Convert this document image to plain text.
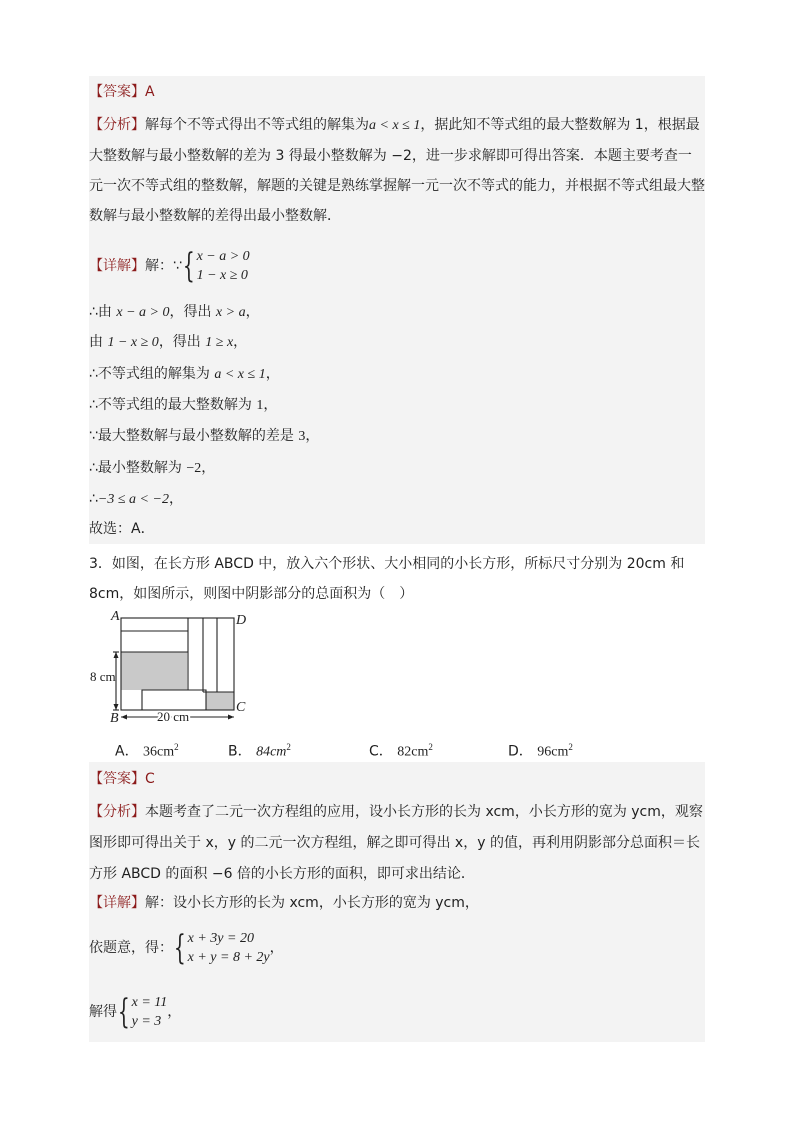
【答案】A
【分析】解每个不等式得出不等式组的解集为a < x ≤ 1，据此知不等式组的最大整数解为 1，根据最大整数解与最小整数解的差为 3 得最小整数解为 −2，进一步求解即可得出答案．本题主要考查一元一次不等式组的整数解，解题的关键是熟练掌握解一元一次不等式的能力，并根据不等式组最大整数解与最小整数解的差得出最小整数解．
【详解】解：∵ { x − a > 0
1 − x ≥ 0
∴由 x − a > 0，得出 x > a，
由 1 − x ≥ 0，得出 1 ≥ x，
∴不等式组的解集为 a < x ≤ 1，
∴不等式组的最大整数解为 1，
∵最大整数解与最小整数解的差是 3，
∴最小整数解为 −2，
∴−3 ≤ a < −2，
故选：A．
3．如图，在长方形 ABCD 中，放入六个形状、大小相同的小长方形，所标尺寸分别为 20cm 和 8cm，如图所示，则图中阴影部分的总面积为（　）
A	D
B
C
8 cm
20 cm
A． $36cm^2$	B． $84cm^2$	C． $82cm^2$	D． $96cm^2$
【答案】C
【分析】本题考查了二元一次方程组的应用，设小长方形的长为 xcm，小长方形的宽为 ycm，观察图形即可得出关于 x，y 的二元一次方程组，解之即可得出 x，y 的值，再利用阴影部分总面积＝长方形 ABCD 的面积 −6 倍的小长方形的面积，即可求出结论．
【详解】解：设小长方形的长为 xcm，小长方形的宽为 ycm，
依题意，得： { x + 3y = 20
x + y = 8 + 2y
，
解得 { x = 11
y = 3
，
